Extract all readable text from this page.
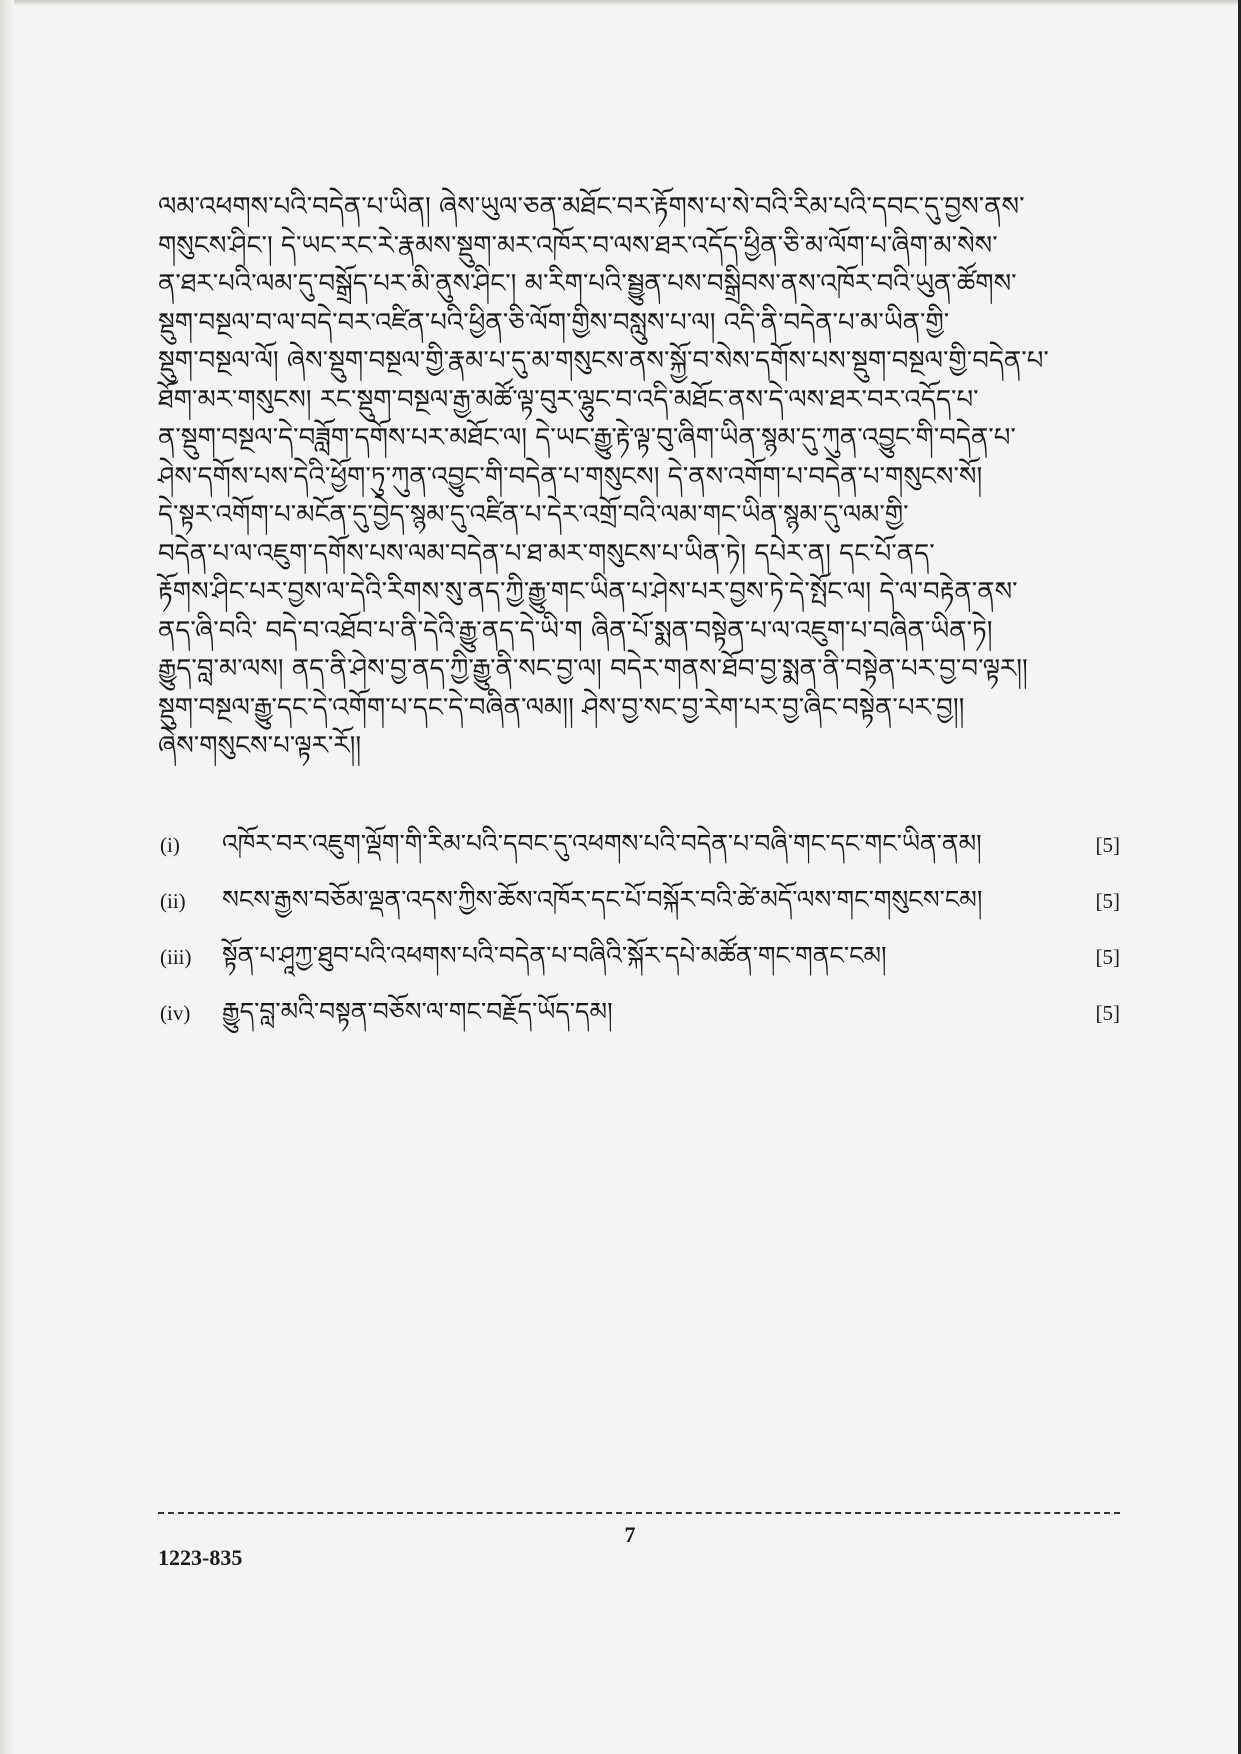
ལམ་འཕགས་པའི་བདེན་པ་ཡིན། ཞེས་ཡུལ་ཅན་མཐོང་བར་རྟོགས་པ་སེ་བའི་རིམ་པའི་དབང་དུ་བྱས་ནས་
གསུངས་ཤིང་། དེ་ཡང་རང་རེ་རྣམས་སྡུག་མར་འཁོར་བ་ལས་ཐར་འདོད་ཕྱིན་ཅི་མ་ལོག་པ་ཞིག་མ་སེས་
ན་ཐར་པའི་ལམ་དུ་བསྒྲོད་པར་མི་ནུས་ཤིང་། མ་རིག་པའི་སྦྱུན་པས་བསྒྲིབས་ནས་འཁོར་བའི་ཡུན་ཚོགས་
སྡུག་བསྔལ་བ་ལ་བདེ་བར་འཛིན་པའི་ཕྱིན་ཅི་ལོག་གྱིས་བསླུས་པ་ལ། འདི་ནི་བདེན་པ་མ་ཡིན་གྱི་
སྡུག་བསྔལ་ལོ། ཞེས་སྡུག་བསྔལ་གྱི་རྣམ་པ་དུ་མ་གསུངས་ནས་སྐྱོ་བ་སེས་དགོས་པས་སྡུག་བསྔལ་གྱི་བདེན་པ་
ཐོག་མར་གསུངས། རང་སྡུག་བསྔལ་རྒྱ་མཚོ་ལྟ་བུར་ལྷུང་བ་འདི་མཐོང་ནས་དེ་ལས་ཐར་བར་འདོད་པ་
ན་སྡུག་བསྔལ་དེ་བཟློག་དགོས་པར་མཐོང་ལ། དེ་ཡང་རྒྱུ་རྟེ་ལྟ་བུ་ཞིག་ཡིན་སྙམ་དུ་ཀུན་འབྱུང་གི་བདེན་པ་
ཤེས་དགོས་པས་དེའི་ཕྱོག་ཏུ་ཀུན་འབྱུང་གི་བདེན་པ་གསུངས། དེ་ནས་འགོག་པ་བདེན་པ་གསུངས་སོ།
དེ་སྟར་འགོག་པ་མངོན་དུ་བྱེད་སྙམ་དུ་འཛིན་པ་དེར་འགྲོ་བའི་ལམ་གང་ཡིན་སྙམ་དུ་ལམ་གྱི་
བདེན་པ་ལ་འཇུག་དགོས་པས་ལམ་བདེན་པ་ཐ་མར་གསུངས་པ་ཡིན་ཏེ། དཔེར་ན། དང་པོ་ནད་
རྟོགས་ཤིང་པར་བྱས་ལ་དེའི་རིགས་སུ་ནད་ཀྱི་རྒྱུ་གང་ཡིན་པ་ཤེས་པར་བྱས་ཏེ་དེ་སྤོང་ལ། དེ་ལ་བརྟེན་ནས་
ནད་ཞི་བའི་ བདེ་བ་འཐོབ་པ་ནི་དེའི་རྒྱུ་ནད་དེ་ཡི་ག ཞིན་པོ་སྨན་བསྟེན་པ་ལ་འཇུག་པ་བཞིན་ཡིན་ཏེ།
རྒྱུད་བླ་མ་ལས། ནད་ནི་ཤེས་བྱ་ནད་ཀྱི་རྒྱུ་ནི་སང་བྱ་ལ། བདེར་གནས་ཐོབ་བྱ་སྨན་ནི་བསྟེན་པར་བྱ་བ་ལྟར།།
སྡུག་བསྔལ་རྒྱུ་དང་དེ་འགོག་པ་དང་དེ་བཞིན་ལམ།། ཤེས་བྱ་སང་བྱ་རེག་པར་བྱ་ཞིང་བསྟེན་པར་བྱ།།
ཞེས་གསུངས་པ་ལྟར་རོ།།
(i)	འཁོར་བར་འཇུག་ལྡོག་གི་རིམ་པའི་དབང་དུ་འཕགས་པའི་བདེན་པ་བཞི་གང་དང་གང་ཡིན་ནམ།	[5]
(ii)	སངས་རྒྱས་བཅོམ་ལྡན་འདས་ཀྱིས་ཆོས་འཁོར་དང་པོ་བསྐོར་བའི་ཚེ་མདོ་ལས་གང་གསུངས་ངམ།	[5]
(iii)	སྟོན་པ་ཤཱཀྱ་ཐུབ་པའི་འཕགས་པའི་བདེན་པ་བཞིའི་སྐོར་དཔེ་མཚོན་གང་གནང་ངམ།	[5]
(iv)	རྒྱུད་བླ་མའི་བསྟན་བཅོས་ལ་གང་བརྗོད་ཡོད་དམ།	[5]
7
1223-835
